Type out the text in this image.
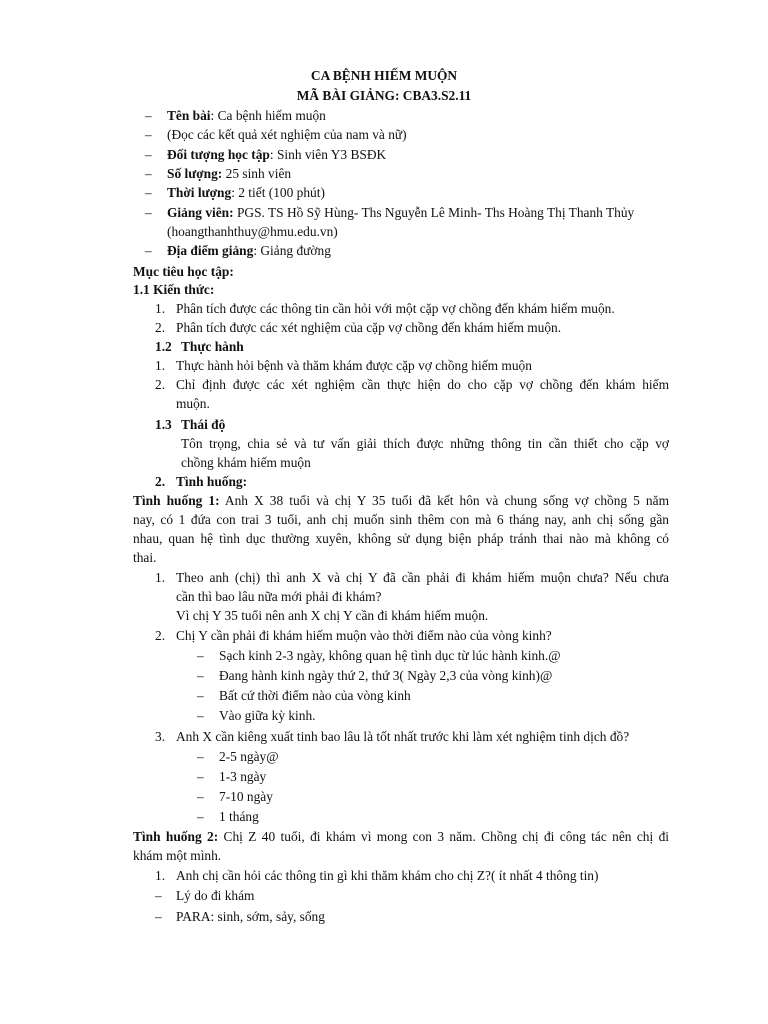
CA BỆNH HIẾM MUỘN
MÃ BÀI GIẢNG: CBA3.S2.11
– Tên bài: Ca bệnh hiếm muộn
– (Đọc các kết quả xét nghiệm của nam và nữ)
– Đối tượng học tập: Sinh viên Y3 BSĐK
– Số lượng: 25 sinh viên
– Thời lượng: 2 tiết (100 phút)
– Giảng viên: PGS. TS Hồ Sỹ Hùng- Ths Nguyễn Lê Minh- Ths Hoàng Thị Thanh Thủy
(hoangthanhthuy@hmu.edu.vn)
– Địa điểm giảng: Giảng đường
Mục tiêu học tập:
1.1 Kiến thức:
1. Phân tích được các thông tin cần hỏi với một cặp vợ chồng đến khám hiếm muộn.
2. Phân tích được các xét nghiệm của cặp vợ chồng đến khám hiếm muộn.
1.2 Thực hành
1. Thực hành hỏi bệnh và thăm khám được cặp vợ chồng hiếm muộn
2. Chỉ định được các xét nghiệm cần thực hiện do cho cặp vợ chồng đến khám hiếm
muộn.
1.3 Thái độ
Tôn trọng, chia sẻ và tư vấn giải thích được những thông tin cần thiết cho cặp vợ
chồng khám hiếm muộn
2. Tình huống:
Tình huống 1: Anh X 38 tuổi và chị Y 35 tuổi đã kết hôn và chung sống vợ chồng 5 năm
nay, có 1 đứa con trai 3 tuổi, anh chị muốn sinh thêm con mà 6 tháng nay, anh chị sống gần
nhau, quan hệ tình dục thường xuyên, không sử dụng biện pháp tránh thai nào mà không có
thai.
1. Theo anh (chị) thì anh X và chị Y đã cần phải đi khám hiếm muộn chưa? Nếu chưa
cần thì bao lâu nữa mới phải đi khám?
Vì chị Y 35 tuổi nên anh X chị Y cần đi khám hiếm muộn.
2. Chị Y cần phải đi khám hiếm muộn vào thời điểm nào của vòng kinh?
– Sạch kinh 2-3 ngày, không quan hệ tình dục từ lúc hành kinh.@
– Đang hành kinh ngày thứ 2, thứ 3( Ngày 2,3 của vòng kinh)@
– Bất cứ thời điểm nào của vòng kinh
– Vào giữa kỳ kinh.
3. Anh X cần kiêng xuất tinh bao lâu là tốt nhất trước khi làm xét nghiệm tinh dịch đồ?
– 2-5 ngày@
– 1-3 ngày
– 7-10 ngày
– 1 tháng
Tình huống 2: Chị Z 40 tuổi, đi khám vì mong con 3 năm. Chồng chị đi công tác nên chị đi
khám một mình.
1. Anh chị cần hỏi các thông tin gì khi thăm khám cho chị Z?( ít nhất 4 thông tin)
– Lý do đi khám
– PARA: sinh, sớm, sảy, sống
